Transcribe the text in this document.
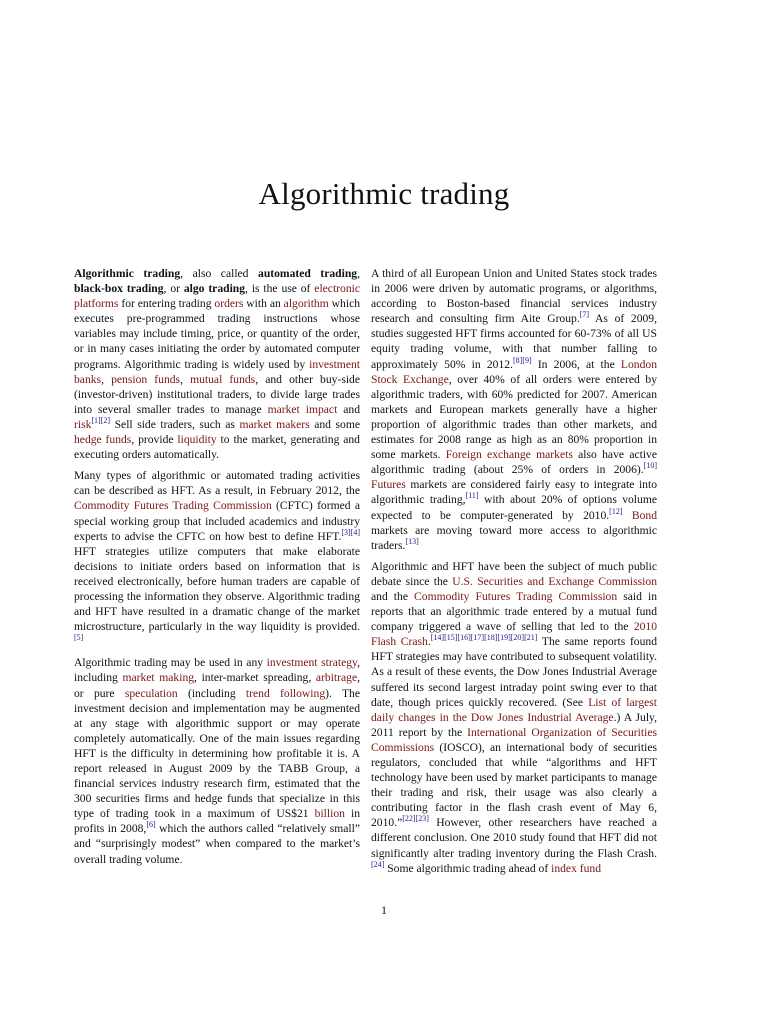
Algorithmic trading

Algorithmic trading, also called automated trading, black-box trading, or algo trading, is the use of electronic platforms for entering trading orders with an algorithm which executes pre-programmed trading instructions whose variables may include timing, price, or quantity of the order, or in many cases initiating the order by automated computer programs. Algorithmic trading is widely used by investment banks, pension funds, mutual funds, and other buy-side (investor-driven) institutional traders, to divide large trades into several smaller trades to manage market impact and risk[1][2] Sell side traders, such as market makers and some hedge funds, provide liquidity to the market, generating and executing orders automatically.

Many types of algorithmic or automated trading activities can be described as HFT. As a result, in February 2012, the Commodity Futures Trading Commission (CFTC) formed a special working group that included academics and industry experts to advise the CFTC on how best to define HFT.[3][4] HFT strategies utilize computers that make elaborate decisions to initiate orders based on information that is received electronically, before human traders are capable of processing the information they observe. Algorithmic trading and HFT have resulted in a dramatic change of the market microstructure, particularly in the way liquidity is provided.[5]

Algorithmic trading may be used in any investment strategy, including market making, inter-market spreading, arbitrage, or pure speculation (including trend following). The investment decision and implementation may be augmented at any stage with algorithmic support or may operate completely automatically. One of the main issues regarding HFT is the difficulty in determining how profitable it is. A report released in August 2009 by the TABB Group, a financial services industry research firm, estimated that the 300 securities firms and hedge funds that specialize in this type of trading took in a maximum of US$21 billion in profits in 2008,[6] which the authors called “relatively small” and “surprisingly modest” when compared to the market’s overall trading volume.

A third of all European Union and United States stock trades in 2006 were driven by automatic programs, or algorithms, according to Boston-based financial services industry research and consulting firm Aite Group.[7] As of 2009, studies suggested HFT firms accounted for 60-73% of all US equity trading volume, with that number falling to approximately 50% in 2012.[8][9] In 2006, at the London Stock Exchange, over 40% of all orders were entered by algorithmic traders, with 60% predicted for 2007. American markets and European markets generally have a higher proportion of algorithmic trades than other markets, and estimates for 2008 range as high as an 80% proportion in some markets. Foreign exchange markets also have active algorithmic trading (about 25% of orders in 2006).[10] Futures markets are considered fairly easy to integrate into algorithmic trading,[11] with about 20% of options volume expected to be computer-generated by 2010.[12] Bond markets are moving toward more access to algorithmic traders.[13]

Algorithmic and HFT have been the subject of much public debate since the U.S. Securities and Exchange Commission and the Commodity Futures Trading Commission said in reports that an algorithmic trade entered by a mutual fund company triggered a wave of selling that led to the 2010 Flash Crash.[14][15][16][17][18][19][20][21] The same reports found HFT strategies may have contributed to subsequent volatility. As a result of these events, the Dow Jones Industrial Average suffered its second largest intraday point swing ever to that date, though prices quickly recovered. (See List of largest daily changes in the Dow Jones Industrial Average.) A July, 2011 report by the International Organization of Securities Commissions (IOSCO), an international body of securities regulators, concluded that while “algorithms and HFT technology have been used by market participants to manage their trading and risk, their usage was also clearly a contributing factor in the flash crash event of May 6, 2010.”[22][23] However, other researchers have reached a different conclusion. One 2010 study found that HFT did not significantly alter trading inventory during the Flash Crash.[24] Some algorithmic trading ahead of index fund

1
